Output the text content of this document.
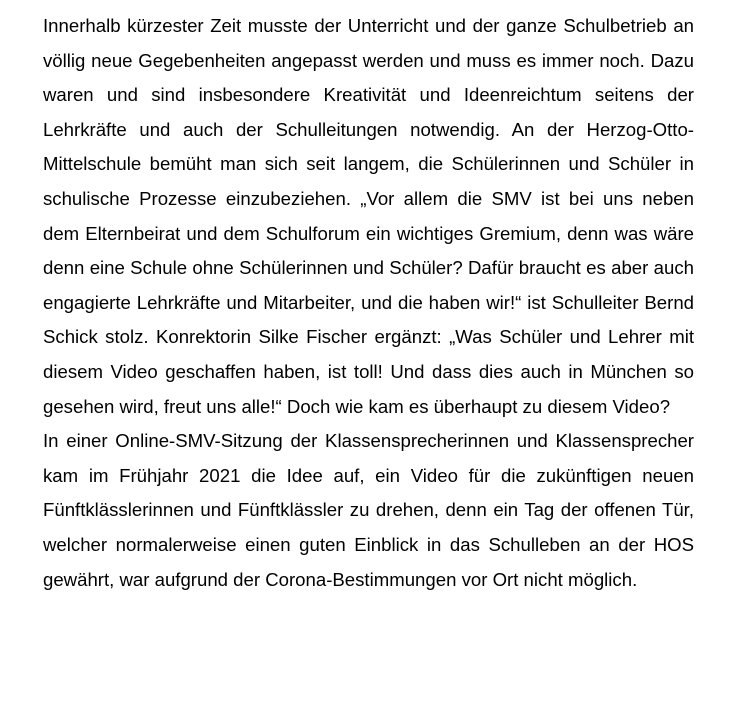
Innerhalb kürzester Zeit musste der Unterricht und der ganze Schulbetrieb an völlig neue Gegebenheiten angepasst werden und muss es immer noch. Dazu waren und sind insbesondere Kreativität und Ideenreichtum seitens der Lehrkräfte und auch der Schulleitungen notwendig. An der Herzog-Otto-Mittelschule bemüht man sich seit langem, die Schülerinnen und Schüler in schulische Prozesse einzubeziehen. „Vor allem die SMV ist bei uns neben dem Elternbeirat und dem Schulforum ein wichtiges Gremium, denn was wäre denn eine Schule ohne Schülerinnen und Schüler? Dafür braucht es aber auch engagierte Lehrkräfte und Mitarbeiter, und die haben wir!“ ist Schulleiter Bernd Schick stolz. Konrektorin Silke Fischer ergänzt: „Was Schüler und Lehrer mit diesem Video geschaffen haben, ist toll! Und dass dies auch in München so gesehen wird, freut uns alle!“ Doch wie kam es überhaupt zu diesem Video?

In einer Online-SMV-Sitzung der Klassensprecherinnen und Klassensprecher kam im Frühjahr 2021 die Idee auf, ein Video für die zukünftigen neuen Fünftklässlerinnen und Fünftklässler zu drehen, denn ein Tag der offenen Tür, welcher normalerweise einen guten Einblick in das Schulleben an der HOS gewährt, war aufgrund der Corona-Bestimmungen vor Ort nicht möglich.
